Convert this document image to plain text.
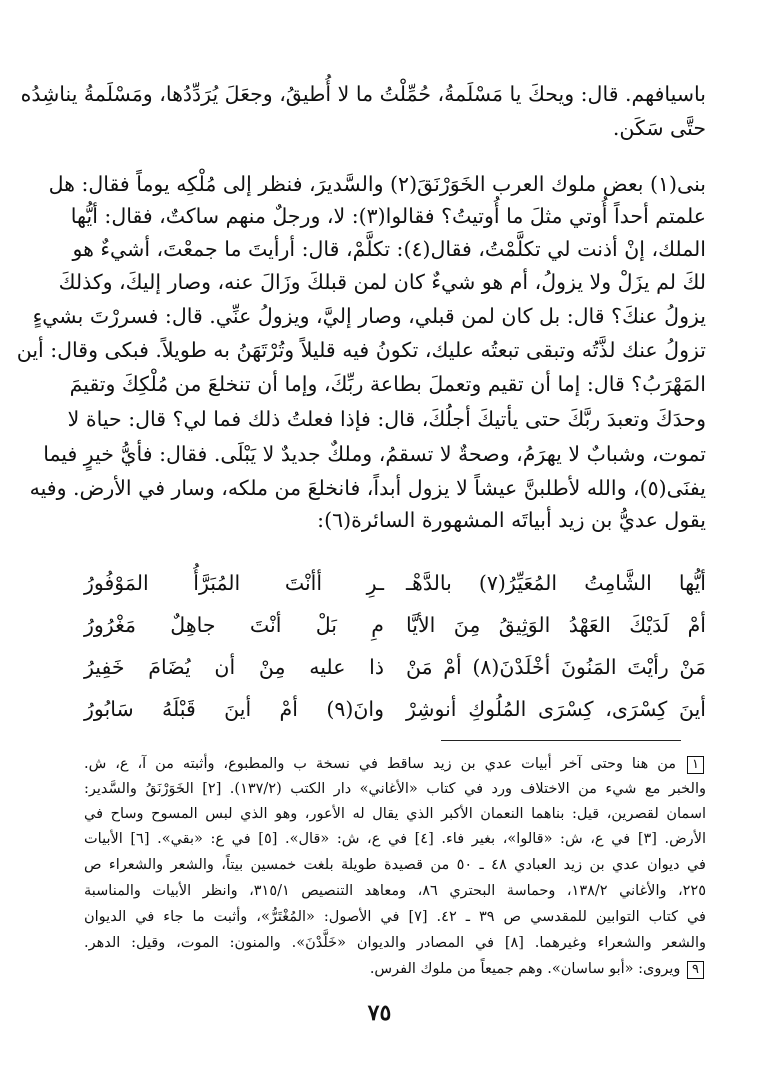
باسيافهم. قال: ويحكَ يا مَسْلَمةُ، حُمِّلْتُ ما لا أُطيقُ، وجعَلَ يُرَدِّدُها، ومَسْلَمةُ يناشِدُه
حتَّى سَكَن.
بنى(١) بعض ملوك العرب الخَوَرْنَقَ(٢) والسَّديرَ، فنظر إلى مُلْكِه يوماً فقال: هل
علمتم أحداً أُوتي مثلَ ما أُوتيتُ؟ فقالوا(٣): لا، ورجلٌ منهم ساكتٌ، فقال: أيُّها
الملك، إنْ أذنت لي تكلَّمْتُ، فقال(٤): تكلَّمْ، قال: أرأيتَ ما جمعْتَ، أشيءٌ هو
لكَ لم يزَلْ ولا يزولُ، أم هو شيءٌ كان لمن قبلكَ وزَالَ عنه، وصار إليكَ، وكذلكَ
يزولُ عنكَ؟ قال: بل كان لمن قبلي، وصار إليَّ، ويزولُ عنِّي. قال: فسررْتَ بشيءٍ
تزولُ عنك لذَّتُه وتبقى تبعتُه عليك، تكونُ فيه قليلاً وتُرْتَهَنُ به طويلاً. فبكى وقال: أين
المَهْرَبُ؟ قال: إما أن تقيم وتعملَ بطاعة ربِّكَ، وإما أن تنخلعَ من مُلْكِكَ وتقيمَ
وحدَكَ وتعبدَ ربَّكَ حتى يأتيكَ أجلُكَ، قال: فإذا فعلتُ ذلك فما لي؟ قال: حياة لا
تموت، وشبابٌ لا يهرَمُ، وصحةٌ لا تسقمُ، وملكٌ جديدٌ لا يَبْلَى. فقال: فأيُّ خيرٍ فيما
يفنَى(٥)، والله لأطلبنَّ عيشاً لا يزول أبداً، فانخلعَ من ملكه، وسار في الأرض. وفيه
يقول عديُّ بن زيد أبياتَه المشهورة السائرة(٦):
أيُّها الشَّامِتُ المُعَيِّرُ(٧) بالدَّهْـ
ـرِ أأنْتَ المُبَرَّأُ المَوْفُورُ
أمْ لَدَيْكَ العَهْدُ الوَثِيقُ مِنَ الأيَّا
مِ بَلْ أنْتَ جاهِلٌ مَغْرُورُ
مَنْ رأيْتَ المَنُونَ أخْلَدْنَ(٨) أمْ مَنْ
ذا عليه مِنْ أن يُضَامَ خَفِيرُ
أينَ كِسْرَى، كِسْرَى المُلُوكِ أنوشِرْ
وانَ(٩) أمْ أينَ قَبْلَهُ سَابُورُ
١ من هنا وحتى آخر أبيات عدي بن زيد ساقط في نسخة ب والمطبوع، وأثبته من آ، ع، ش.
والخبر مع شيء من الاختلاف ورد في كتاب «الأغاني» دار الكتب (١٣٧/٢). [٢] الخَوَرْنَقُ والسَّدير:
اسمان لقصرين، قيل: بناهما النعمان الأكبر الذي يقال له الأعور، وهو الذي لبس المسوح وساح في
الأرض. [٣] في ع، ش: «قالوا»، بغير فاء. [٤] في ع، ش: «قال». [٥] في ع: «بقي». [٦] الأبيات
في ديوان عدي بن زيد العبادي ٤٨ ـ ٥٠ من قصيدة طويلة بلغت خمسين بيتاً، والشعر والشعراء ص
٢٢٥، والأغاني ١٣٨/٢، وحماسة البحتري ٨٦، ومعاهد التنصيص ٣١٥/١، وانظر الأبيات والمناسبة
في كتاب التوابين للمقدسي ص ٣٩ ـ ٤٢. [٧] في الأصول: «المُغْتَرُّ»، وأثبت ما جاء في الديوان
والشعر والشعراء وغيرهما. [٨] في المصادر والديوان «خَلَّدْنَ». والمنون: الموت، وقيل: الدهر.
٩ ويروى: «أبو ساسان». وهم جميعاً من ملوك الفرس.
٧٥
